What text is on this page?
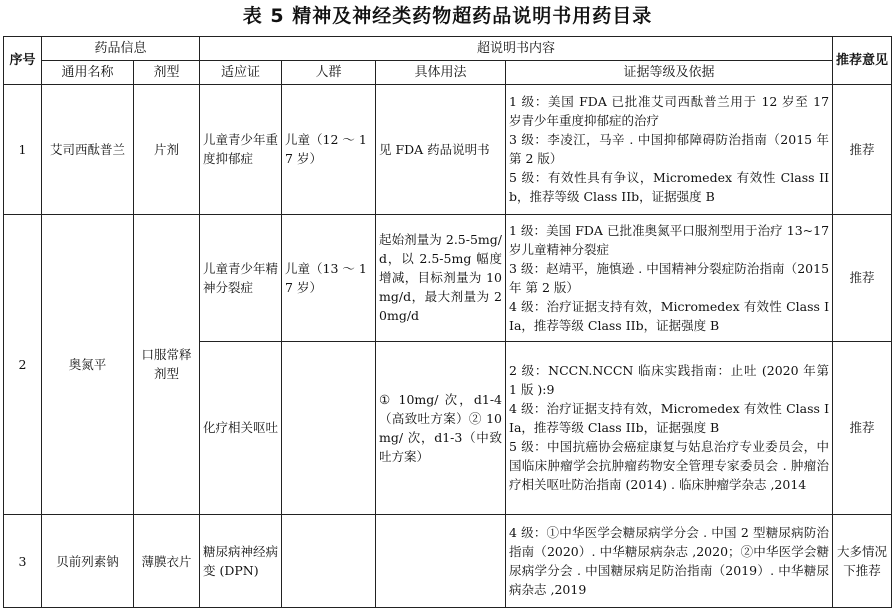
表 5 精神及神经类药物超药品说明书用药目录
序号	药品信息		超说明书内容				推荐意见
	通用名称	剂型	适应证	人群	具体用法	证据等级及依据	
1	艾司西酞普兰	片剂	儿童青少年重度抑郁症	儿童（12 ～ 17 岁）	见 FDA 药品说明书	1 级：美国 FDA 已批准艾司西酞普兰用于 12 岁至 17 岁青少年重度抑郁症的治疗
3 级：李凌江，马辛 . 中国抑郁障碍防治指南（2015 年第 2 版）
5 级：有效性具有争议，Micromedex 有效性 Class IIb，推荐等级 Class IIb，证据强度 B	推荐
2	奥氮平	口服常释剂型	儿童青少年精神分裂症	儿童（13 ～ 17 岁）	起始剂量为 2.5-5mg/d，以 2.5-5mg 幅度增减，目标剂量为 10mg/d，最大剂量为 20mg/d	1 级：美国 FDA 已批准奥氮平口服剂型用于治疗 13~17 岁儿童精神分裂症
3 级：赵靖平，施慎逊 . 中国精神分裂症防治指南（2015 年 第 2 版）
4 级：治疗证据支持有效，Micromedex 有效性 Class IIa，推荐等级 Class IIb，证据强度 B	推荐
			化疗相关呕吐		① 10mg/ 次，d1-4（高致吐方案）② 10mg/ 次，d1-3（中致吐方案）	2 级：NCCN.NCCN 临床实践指南：止吐 (2020 年第 1 版 ):9
4 级：治疗证据支持有效，Micromedex 有效性 Class IIa，推荐等级 Class IIb，证据强度 B
5 级：中国抗癌协会癌症康复与姑息治疗专业委员会，中国临床肿瘤学会抗肿瘤药物安全管理专家委员会 . 肿瘤治疗相关呕吐防治指南 (2014) . 临床肿瘤学杂志 ,2014	推荐
3	贝前列素钠	薄膜衣片	糖尿病神经病变 (DPN)			4 级：①中华医学会糖尿病学分会 . 中国 2 型糖尿病防治指南（2020）. 中华糖尿病杂志 ,2020；②中华医学会糖尿病学分会 . 中国糖尿病足防治指南（2019）. 中华糖尿病杂志 ,2019	大多情况下推荐
